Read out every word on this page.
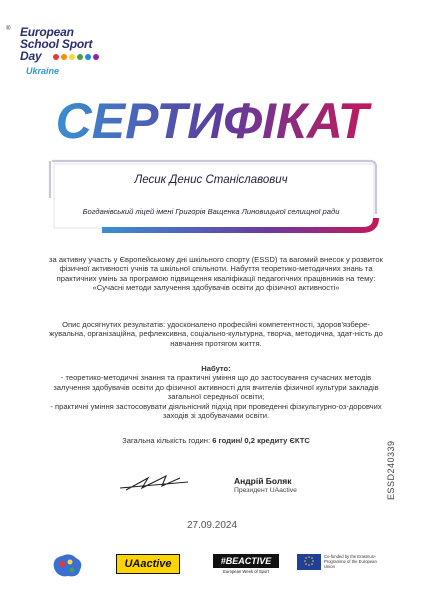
® European
School Sport
Day
Ukraine
СЕРТИФІКАТ
Лесик Денис Станіславович
Богданівський ліцей імені Григорія Ващенка Линовицької селищної ради
за активну участь у Європейському дні шкільного спорту (ESSD) та вагомий внесок у розвиток фізичної активності учнів та шкільної спільноти. Набуття теоретико-методичних знань та практичних умінь за програмою підвищення кваліфікації педагогічних працівників на тему: «Сучасні методи залучення здобувачів освіти до фізичної активності»
Опис досягнутих результатів: удосконалено професійні компетентності, здоров'язбере-жувальна, організаційна, рефлексивна, соціально-культурна, творча, методична, здат-ність до навчання протягом життя.
Набуто:
- теоретико-методичні знання та практичні уміння що до застосування сучасних методів залучення здобувачів освіти до фізичної активності для вчителів фізичної культури закладів загальної середньої освіти;
- практичні уміння застосовувати діяльнісний підхід при проведенні фізкультурно-оз-доровчих заходів зі здобувачами освіти.
Загальна кількість годин: 6 годин/ 0,2 кредиту ЄКТС
Андрій Боляк
Президент UAactive	ESSD240339
27.09.2024
UAactive	#BEACTIVE
European Week of Sport
Co-funded by the Erasmus+ Programme of the European Union
